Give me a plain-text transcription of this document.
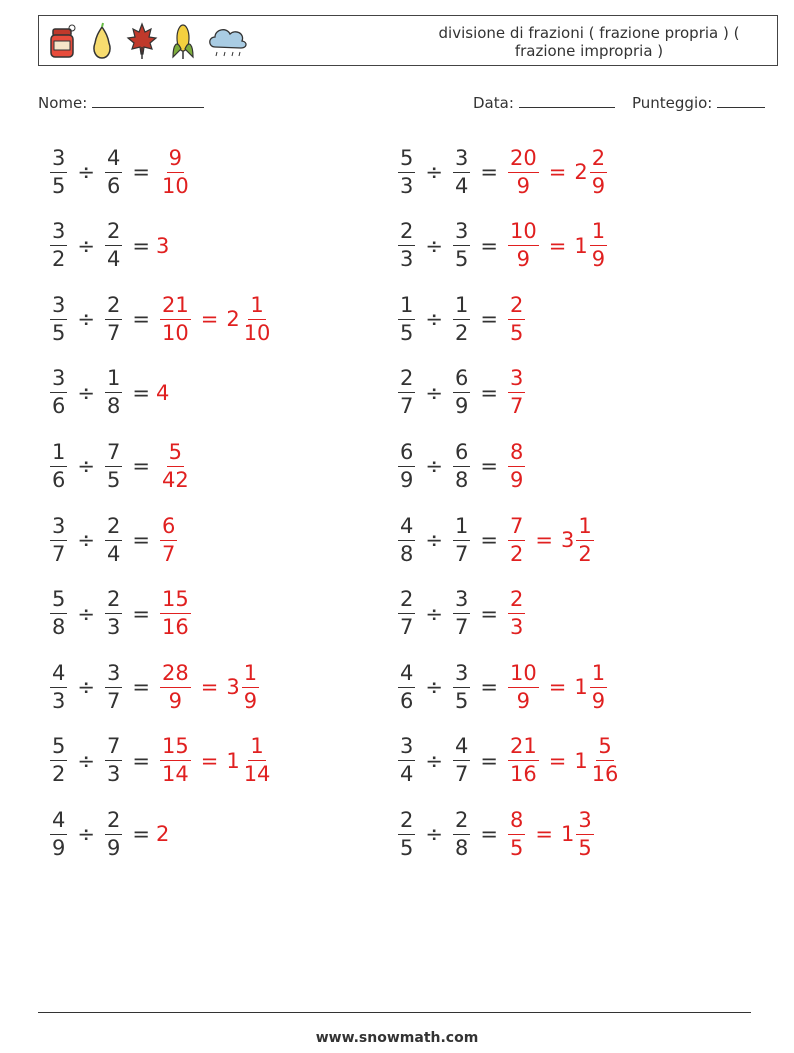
divisione di frazioni ( frazione propria ) ( frazione impropria )
Nome:	Data:	Punteggio:
$\frac{3}{5} \div \frac{4}{6} = \frac{9}{10}$	$\frac{5}{3} \div \frac{3}{4} = \frac{20}{9} = 2 \frac{2}{9}$
$\frac{3}{2} \div \frac{2}{4} = 3$	$\frac{2}{3} \div \frac{3}{5} = \frac{10}{9} = 1 \frac{1}{9}$
$\frac{3}{5} \div \frac{2}{7} = \frac{21}{10} = 2 \frac{1}{10}$	$\frac{1}{5} \div \frac{1}{2} = \frac{2}{5}$
$\frac{3}{6} \div \frac{1}{8} = 4$	$\frac{2}{7} \div \frac{6}{9} = \frac{3}{7}$
$\frac{1}{6} \div \frac{7}{5} = \frac{5}{42}$	$\frac{6}{9} \div \frac{6}{8} = \frac{8}{9}$
$\frac{3}{7} \div \frac{2}{4} = \frac{6}{7}$	$\frac{4}{8} \div \frac{1}{7} = \frac{7}{2} = 3 \frac{1}{2}$
$\frac{5}{8} \div \frac{2}{3} = \frac{15}{16}$	$\frac{2}{7} \div \frac{3}{7} = \frac{2}{3}$
$\frac{4}{3} \div \frac{3}{7} = \frac{28}{9} = 3 \frac{1}{9}$	$\frac{4}{6} \div \frac{3}{5} = \frac{10}{9} = 1 \frac{1}{9}$
$\frac{5}{2} \div \frac{7}{3} = \frac{15}{14} = 1 \frac{1}{14}$	$\frac{3}{4} \div \frac{4}{7} = \frac{21}{16} = 1 \frac{5}{16}$
$\frac{4}{9} \div \frac{2}{9} = 2$	$\frac{2}{5} \div \frac{2}{8} = \frac{8}{5} = 1 \frac{3}{5}$
www.snowmath.com
